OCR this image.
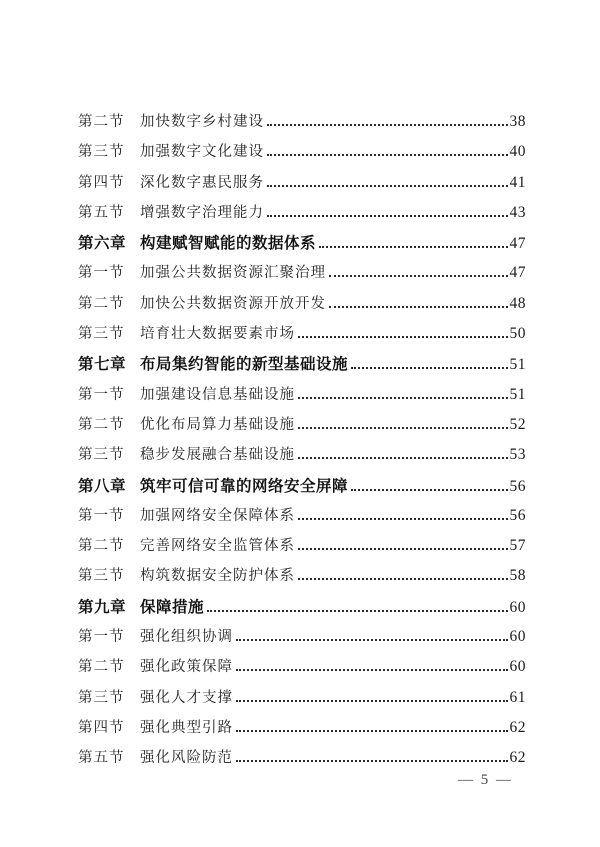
第二节	加快数字乡村建设	38
第三节	加强数字文化建设	40
第四节	深化数字惠民服务	41
第五节	增强数字治理能力	43
第六章 构建赋智赋能的数据体系	47
第一节	加强公共数据资源汇聚治理	47
第二节	加快公共数据资源开放开发	48
第三节	培育壮大数据要素市场	50
第七章 布局集约智能的新型基础设施	51
第一节	加强建设信息基础设施	51
第二节	优化布局算力基础设施	52
第三节	稳步发展融合基础设施	53
第八章 筑牢可信可靠的网络安全屏障	56
第一节	加强网络安全保障体系	56
第二节	完善网络安全监管体系	57
第三节	构筑数据安全防护体系	58
第九章 保障措施	60
第一节	强化组织协调	60
第二节	强化政策保障	60
第三节	强化人才支撑	61
第四节	强化典型引路	62
第五节	强化风险防范	62
— 5 —
